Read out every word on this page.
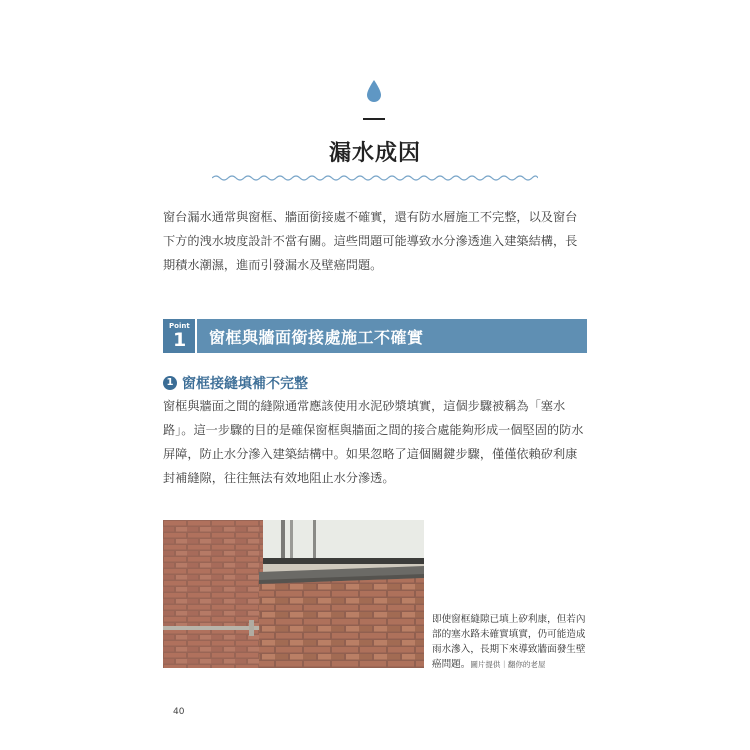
漏水成因

窗台漏水通常與窗框、牆面銜接處不確實，還有防水層施工不完整，以及窗台下方的洩水坡度設計不當有關。這些問題可能導致水分滲透進入建築結構，長期積水潮濕，進而引發漏水及壁癌問題。

Point
1 窗框與牆面銜接處施工不確實
1 窗框接縫填補不完整

窗框與牆面之間的縫隙通常應該使用水泥砂漿填實，這個步驟被稱為「塞水路」。這一步驟的目的是確保窗框與牆面之間的接合處能夠形成一個堅固的防水屏障，防止水分滲入建築結構中。如果忽略了這個關鍵步驟，僅僅依賴矽利康封補縫隙，往往無法有效地阻止水分滲透。

即使窗框縫隙已填上矽利康，但若內部的塞水路未確實填實，仍可能造成雨水滲入，長期下來導致牆面發生壁癌問題。圖片提供｜翻你的老屋

40
